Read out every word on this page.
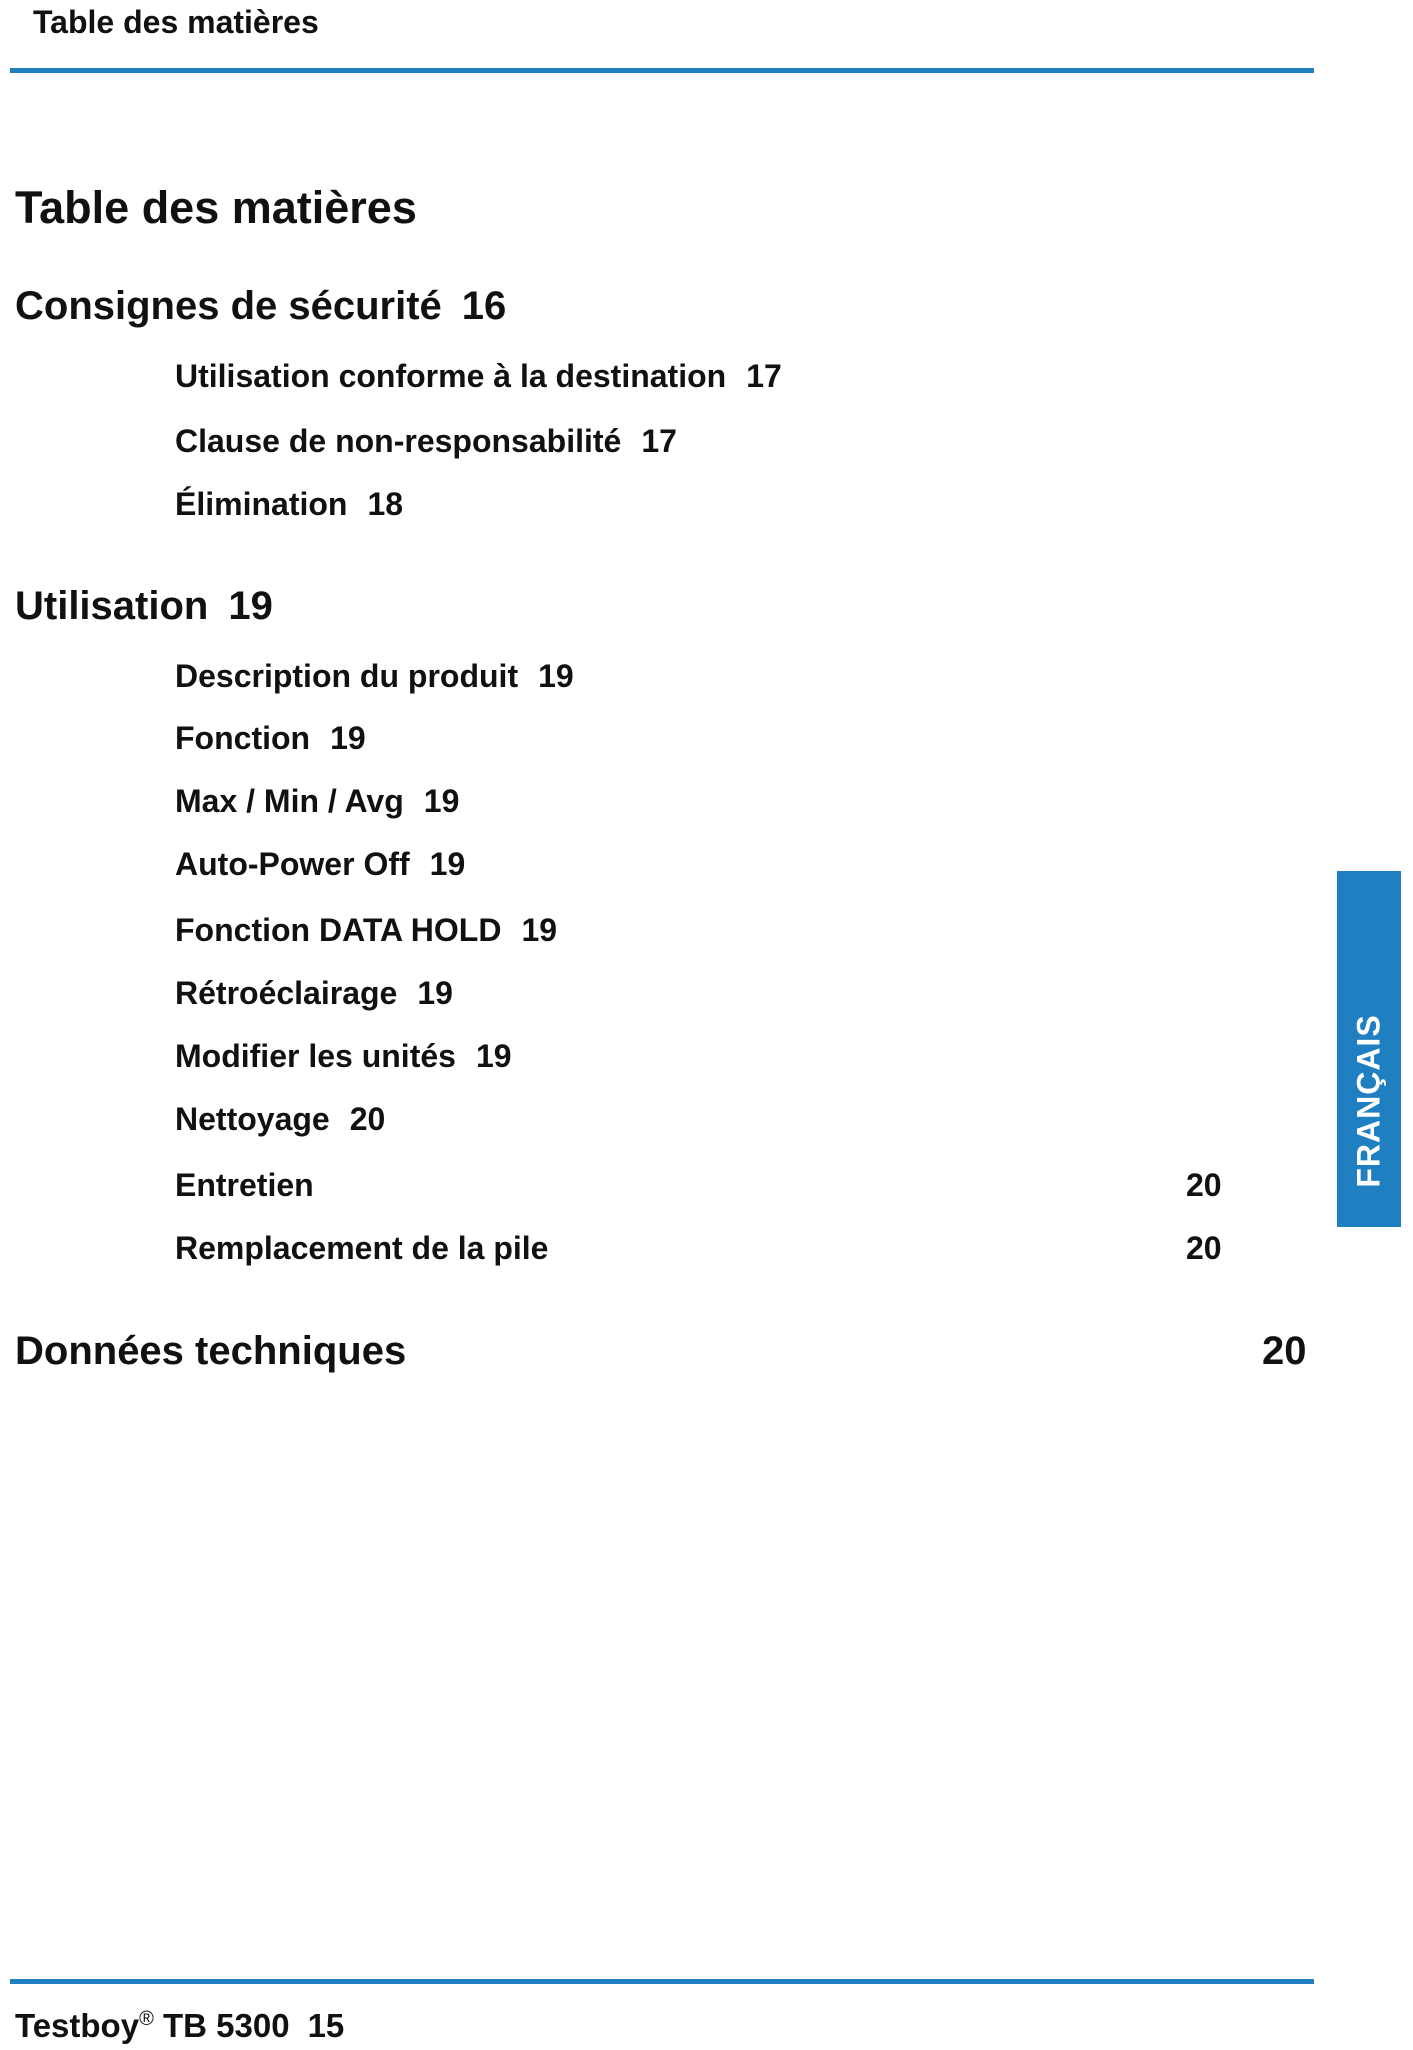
Table des matières
Table des matières
Consignes de sécurité 16
Utilisation conforme à la destination 17
Clause de non-responsabilité 17
Élimination 18
Utilisation 19
Description du produit 19
Fonction 19
Max / Min / Avg 19
Auto-Power Off 19
Fonction DATA HOLD 19
Rétroéclairage 19
Modifier les unités 19
Nettoyage 20
Entretien	20
Remplacement de la pile	20
Données techniques	20
FRANÇAIS
Testboy® TB 5300 15
